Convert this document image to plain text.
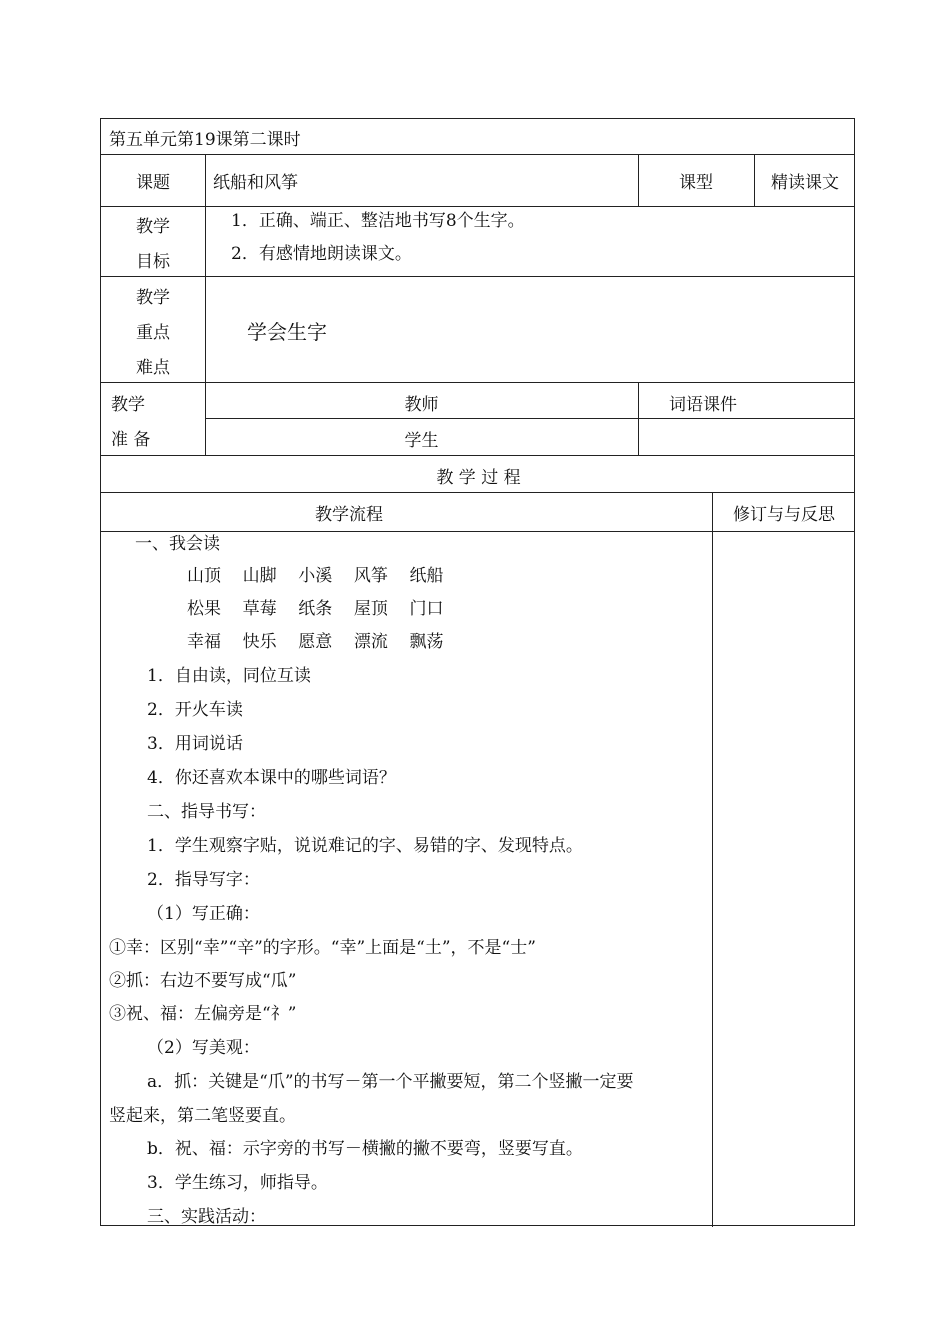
第五单元第19课第二课时
课题	纸船和风筝	课型	精读课文
教学
目标
1．正确、端正、整洁地书写8个生字。
2．有感情地朗读课文。
教学
重点
难点
学会生字
教学
准 备
教师	词语课件
学生
教 学 过 程
教学流程	修订与与反思
一、我会读
山顶    山脚    小溪    风筝    纸船
松果    草莓    纸条    屋顶    门口
幸福    快乐    愿意    漂流    飘荡
1．自由读，同位互读
2．开火车读
3．用词说话
4．你还喜欢本课中的哪些词语？
二、指导书写：
1．学生观察字贴，说说难记的字、易错的字、发现特点。
2．指导写字：
（1）写正确：
①幸：区别“幸”“辛”的字形。“幸”上面是“土”，不是“士”
②抓：右边不要写成“瓜”
③祝、福：左偏旁是“礻”
（2）写美观：
a．抓：关键是“爪”的书写－第一个平撇要短，第二个竖撇一定要
竖起来，第二笔竖要直。
b．祝、福：示字旁的书写－横撇的撇不要弯，竖要写直。
3．学生练习，师指导。
三、实践活动：
